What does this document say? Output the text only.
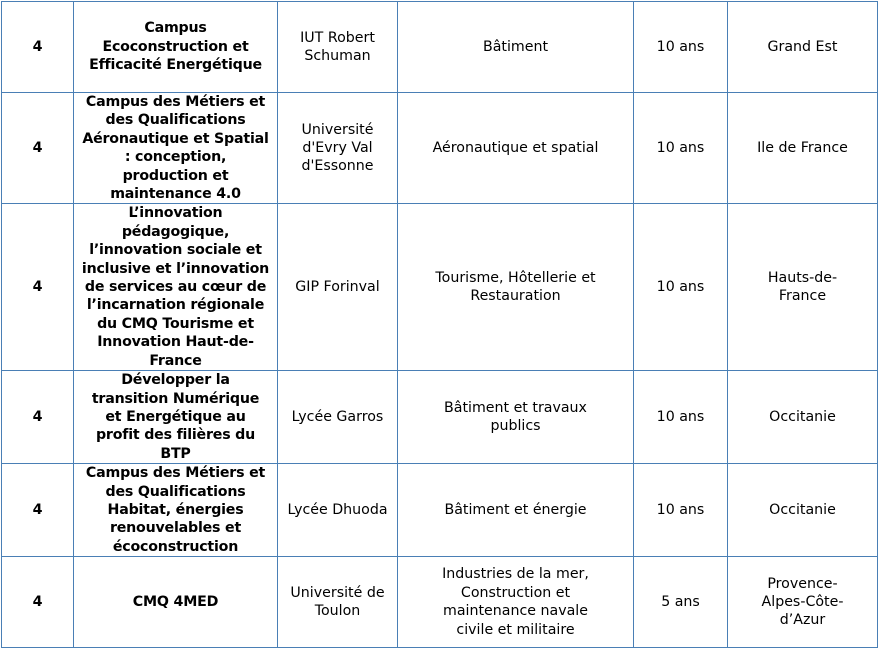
4	Campus Ecoconstruction et Efficacité Energétique	IUT Robert Schuman	Bâtiment	10 ans	Grand Est
4	Campus des Métiers et des Qualifications Aéronautique et Spatial : conception, production et maintenance 4.0	Université d'Evry Val d'Essonne	Aéronautique et spatial	10 ans	Ile de France
4	L’innovation pédagogique, l’innovation sociale et inclusive et l’innovation de services au cœur de l’incarnation régionale du CMQ Tourisme et Innovation Haut-de-France	GIP Forinval	Tourisme, Hôtellerie et Restauration	10 ans	Hauts-de-France
4	Développer la transition Numérique et Energétique au profit des filières du BTP	Lycée Garros	Bâtiment et travaux publics	10 ans	Occitanie
4	Campus des Métiers et des Qualifications Habitat, énergies renouvelables et écoconstruction	Lycée Dhuoda	Bâtiment et énergie	10 ans	Occitanie
4	CMQ 4MED	Université de Toulon	Industries de la mer, Construction et maintenance navale civile et militaire	5 ans	Provence-Alpes-Côte-d’Azur
